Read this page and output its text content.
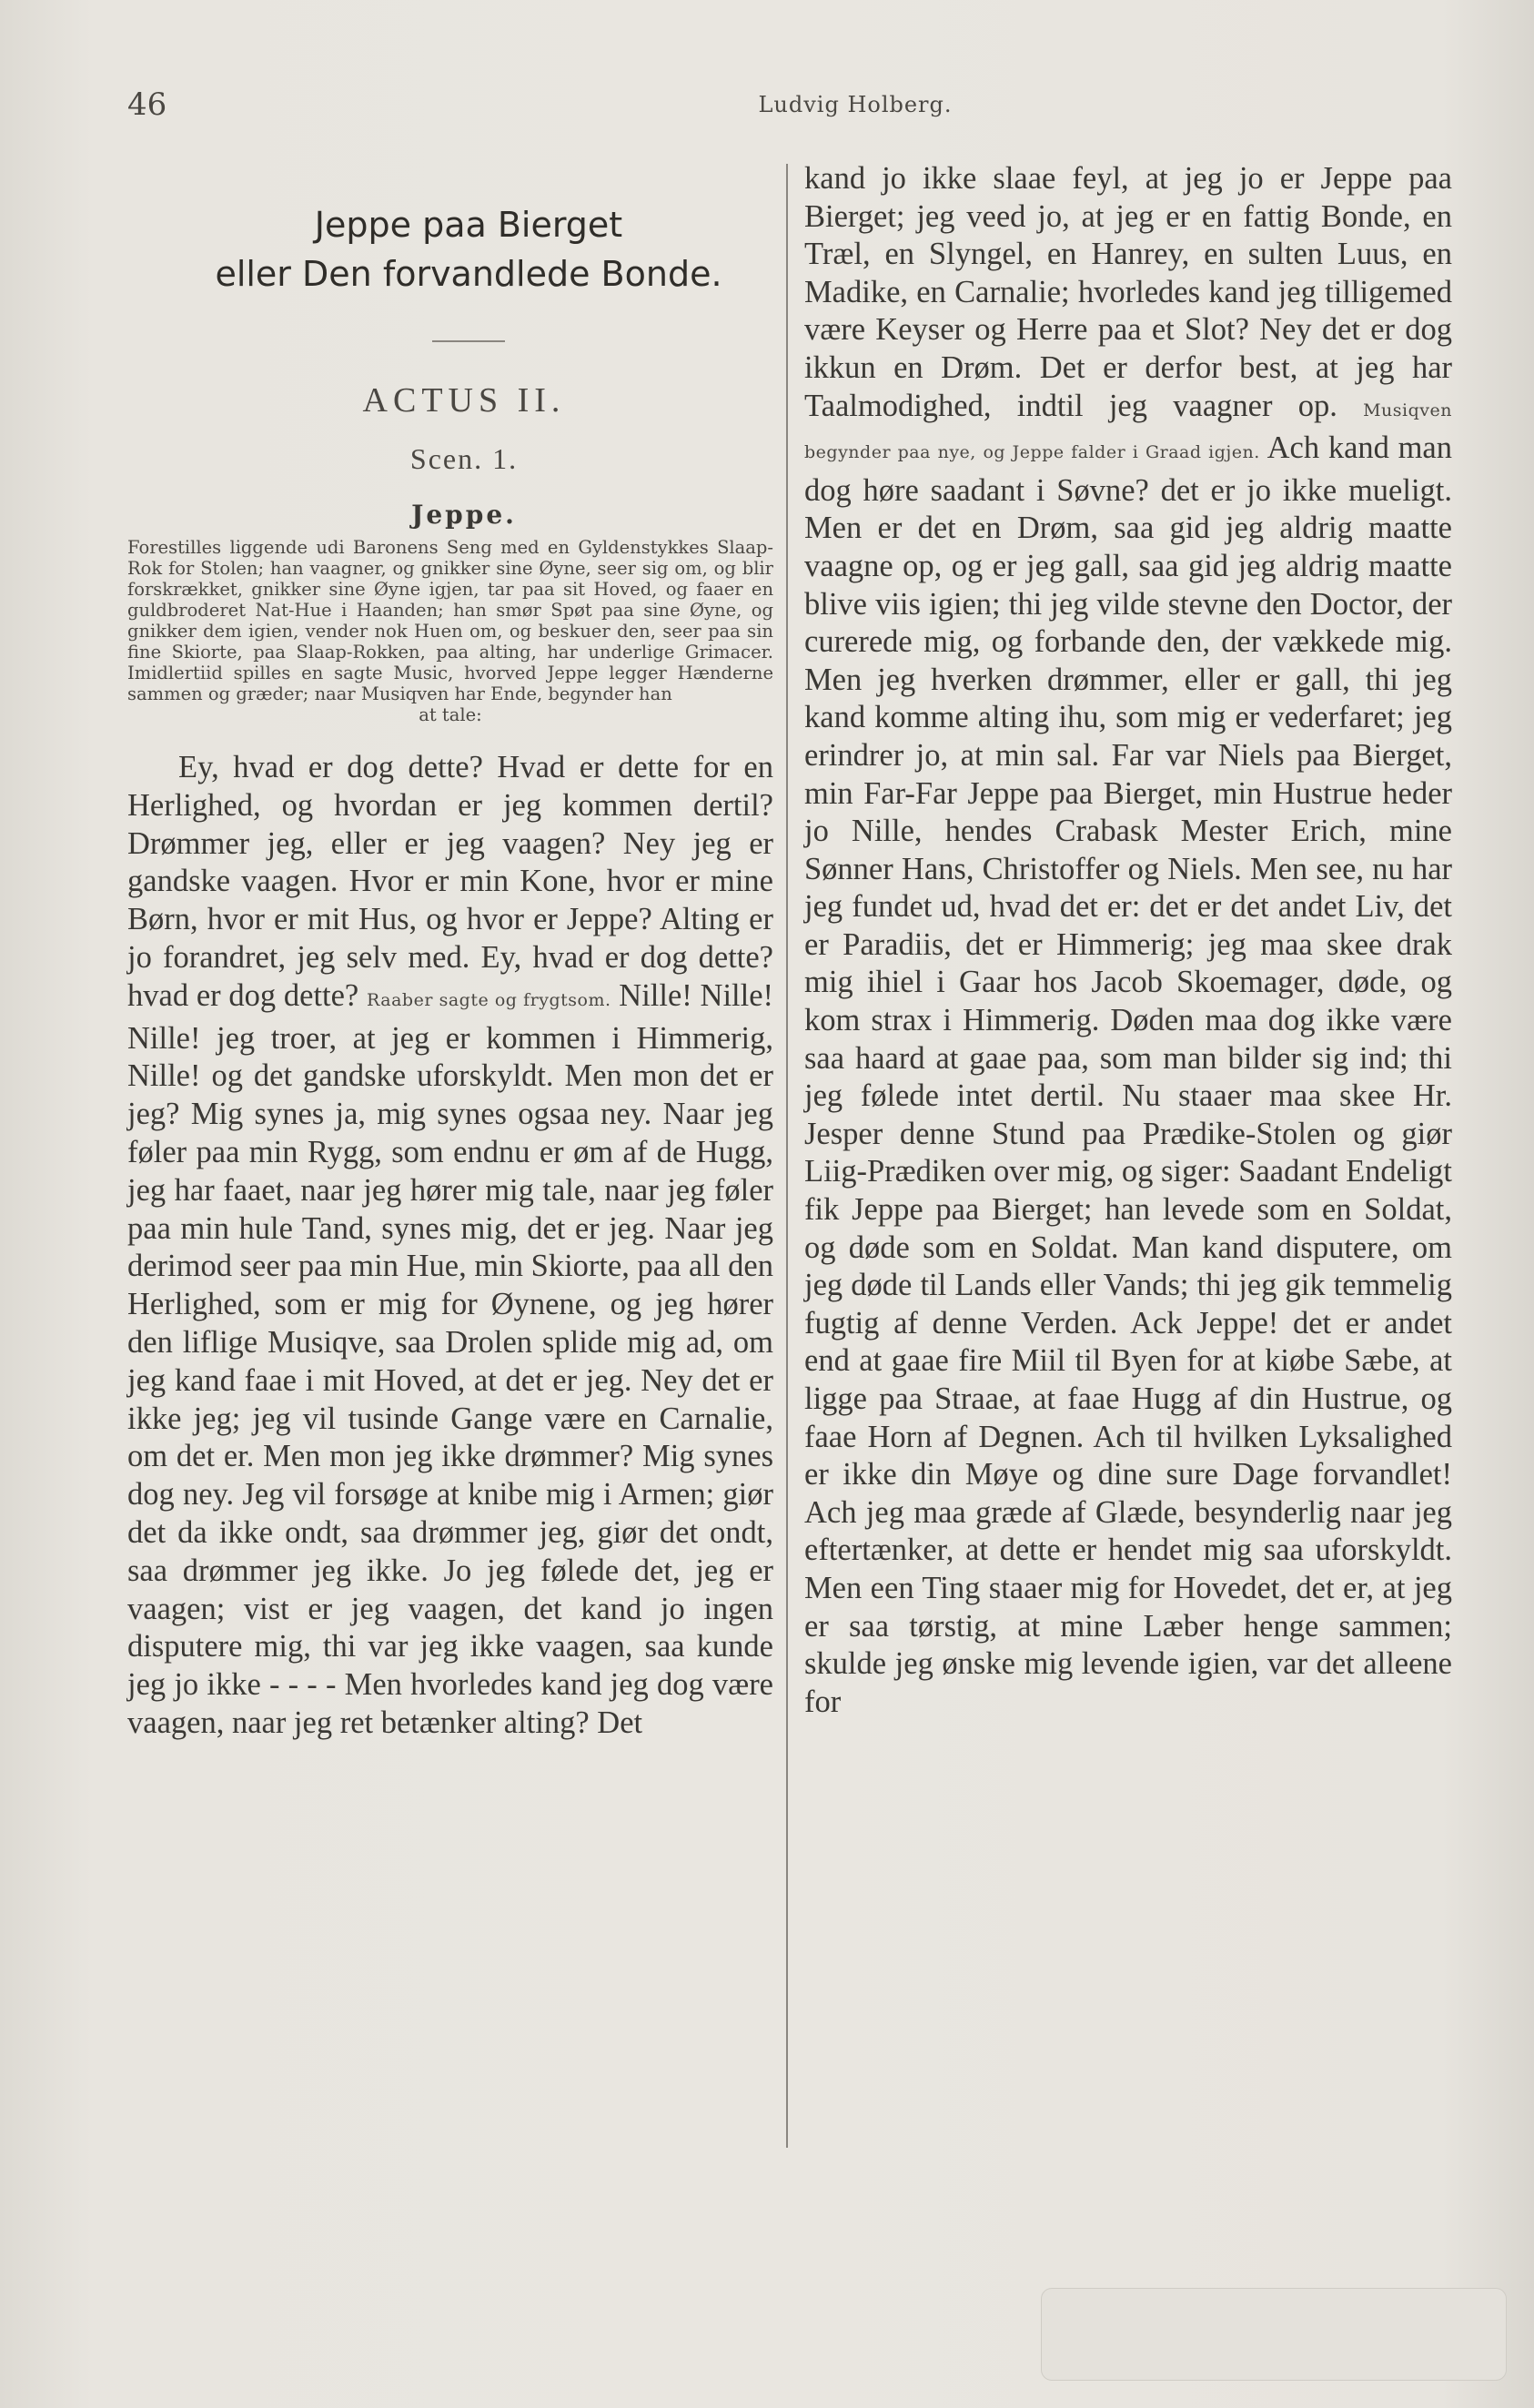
46	Ludvig Holberg.
Jeppe paa Bierget
eller Den forvandlede Bonde.
ACTUS II.
Scen. 1.
Jeppe.
Forestilles liggende udi Baronens Seng med en Gyldenstykkes Slaap-Rok for Stolen; han vaagner, og gnikker sine Øyne, seer sig om, og blir forskrækket, gnikker sine Øyne igjen, tar paa sit Hoved, og faaer en guldbroderet Nat-Hue i Haanden; han smør Spøt paa sine Øyne, og gnikker dem igien, vender nok Huen om, og beskuer den, seer paa sin fine Skiorte, paa Slaap-Rokken, paa alting, har underlige Grimacer. Imidlertiid spilles en sagte Music, hvorved Jeppe legger Hænderne sammen og græder; naar Musiqven har Ende, begynder han
at tale:

Ey, hvad er dog dette? Hvad er dette for en Herlighed, og hvordan er jeg kommen dertil? Drømmer jeg, eller er jeg vaagen? Ney jeg er gandske vaagen. Hvor er min Kone, hvor er mine Børn, hvor er mit Hus, og hvor er Jeppe? Alting er jo forandret, jeg selv med. Ey, hvad er dog dette? hvad er dog dette? Raaber sagte og frygtsom. Nille! Nille! Nille! jeg troer, at jeg er kommen i Himmerig, Nille! og det gandske uforskyldt. Men mon det er jeg? Mig synes ja, mig synes ogsaa ney. Naar jeg føler paa min Rygg, som endnu er øm af de Hugg, jeg har faaet, naar jeg hører mig tale, naar jeg føler paa min hule Tand, synes mig, det er jeg. Naar jeg derimod seer paa min Hue, min Skiorte, paa all den Herlighed, som er mig for Øynene, og jeg hører den liflige Musiqve, saa Drolen splide mig ad, om jeg kand faae i mit Hoved, at det er jeg. Ney det er ikke jeg; jeg vil tusinde Gange være en Carnalie, om det er. Men mon jeg ikke drømmer? Mig synes dog ney. Jeg vil forsøge at knibe mig i Armen; giør det da ikke ondt, saa drømmer jeg, giør det ondt, saa drømmer jeg ikke. Jo jeg følede det, jeg er vaagen; vist er jeg vaagen, det kand jo ingen disputere mig, thi var jeg ikke vaagen, saa kunde jeg jo ikke - - - - Men hvorledes kand jeg dog være vaagen, naar jeg ret betænker alting? Det

kand jo ikke slaae feyl, at jeg jo er Jeppe paa Bierget; jeg veed jo, at jeg er en fattig Bonde, en Træl, en Slyngel, en Hanrey, en sulten Luus, en Madike, en Carnalie; hvorledes kand jeg tilligemed være Keyser og Herre paa et Slot? Ney det er dog ikkun en Drøm. Det er derfor best, at jeg har Taalmodighed, indtil jeg vaagner op. Musiqven begynder paa nye, og Jeppe falder i Graad igjen. Ach kand man dog høre saadant i Søvne? det er jo ikke mueligt. Men er det en Drøm, saa gid jeg aldrig maatte vaagne op, og er jeg gall, saa gid jeg aldrig maatte blive viis igien; thi jeg vilde stevne den Doctor, der curerede mig, og forbande den, der vækkede mig. Men jeg hverken drømmer, eller er gall, thi jeg kand komme alting ihu, som mig er vederfaret; jeg erindrer jo, at min sal. Far var Niels paa Bierget, min Far-Far Jeppe paa Bierget, min Hustrue heder jo Nille, hendes Crabask Mester Erich, mine Sønner Hans, Christoffer og Niels. Men see, nu har jeg fundet ud, hvad det er: det er det andet Liv, det er Paradiis, det er Himmerig; jeg maa skee drak mig ihiel i Gaar hos Jacob Skoemager, døde, og kom strax i Himmerig. Døden maa dog ikke være saa haard at gaae paa, som man bilder sig ind; thi jeg følede intet dertil. Nu staaer maa skee Hr. Jesper denne Stund paa Prædike-Stolen og giør Liig-Prædiken over mig, og siger: Saadant Endeligt fik Jeppe paa Bierget; han levede som en Soldat, og døde som en Soldat. Man kand disputere, om jeg døde til Lands eller Vands; thi jeg gik temmelig fugtig af denne Verden. Ack Jeppe! det er andet end at gaae fire Miil til Byen for at kiøbe Sæbe, at ligge paa Straae, at faae Hugg af din Hustrue, og faae Horn af Degnen. Ach til hvilken Lyksalighed er ikke din Møye og dine sure Dage forvandlet! Ach jeg maa græde af Glæde, besynderlig naar jeg eftertænker, at dette er hendet mig saa uforskyldt. Men een Ting staaer mig for Hovedet, det er, at jeg er saa tørstig, at mine Læber henge sammen; skulde jeg ønske mig levende igien, var det alleene for
